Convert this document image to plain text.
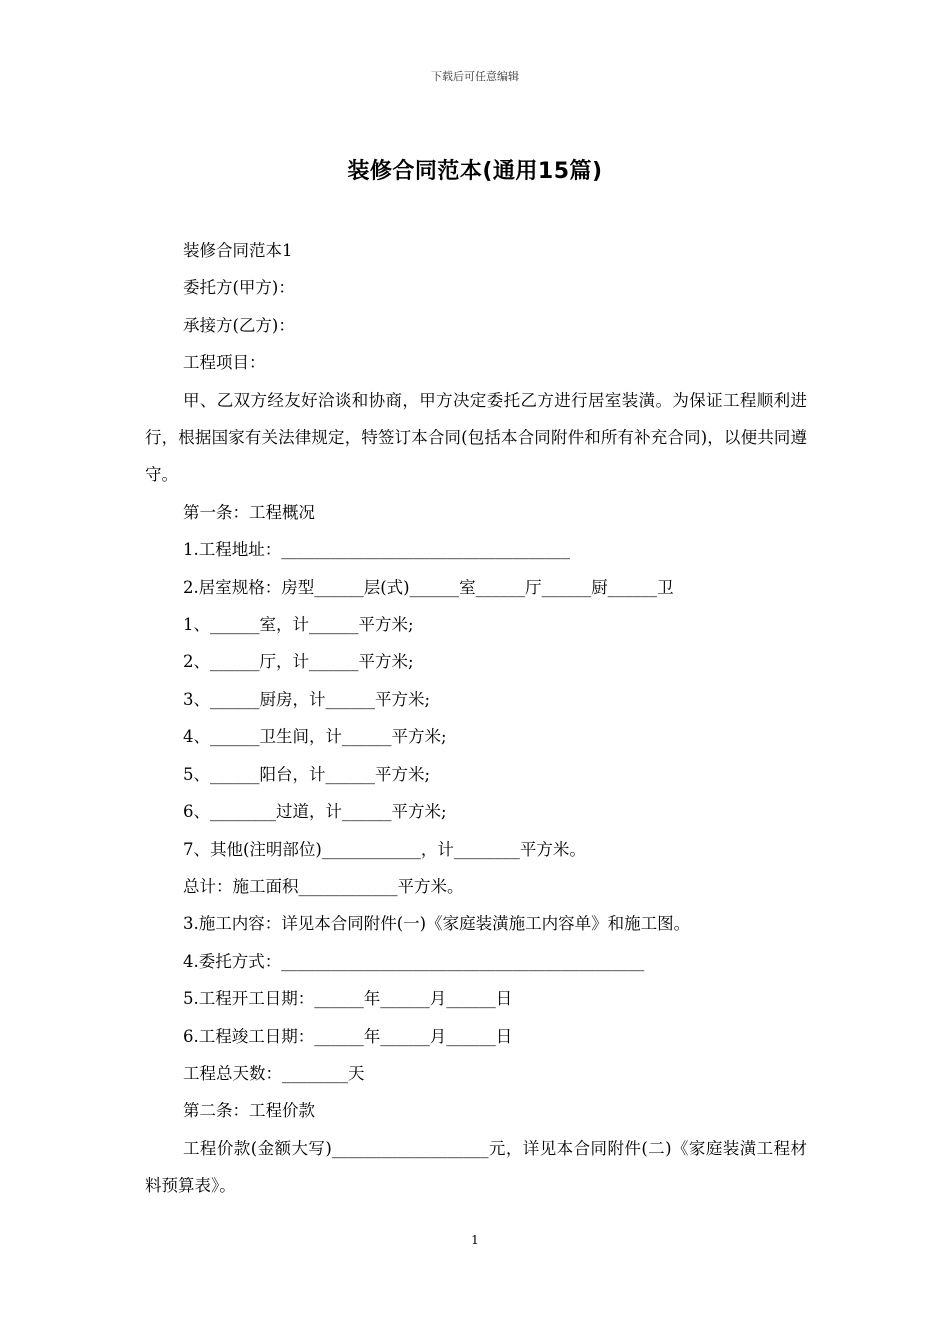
下载后可任意编辑
装修合同范本(通用15篇)
装修合同范本1
委托方(甲方)：
承接方(乙方)：
工程项目：
甲、乙双方经友好洽谈和协商，甲方决定委托乙方进行居室装潢。为保证工程顺利进行，根据国家有关法律规定，特签订本合同(包括本合同附件和所有补充合同)，以便共同遵守。
第一条：工程概况
1.工程地址：___________________________________
2.居室规格：房型______层(式)______室______厅______厨______卫
1、______室，计______平方米;
2、______厅，计______平方米;
3、______厨房，计______平方米;
4、______卫生间，计______平方米;
5、______阳台，计______平方米;
6、________过道，计______平方米;
7、其他(注明部位)____________，计________平方米。
总计：施工面积____________平方米。
3.施工内容：详见本合同附件(一)《家庭装潢施工内容单》和施工图。
4.委托方式：____________________________________________
5.工程开工日期：______年______月______日
6.工程竣工日期：______年______月______日
工程总天数：________天
第二条：工程价款
工程价款(金额大写)___________________元，详见本合同附件(二)《家庭装潢工程材料预算表》。
1
